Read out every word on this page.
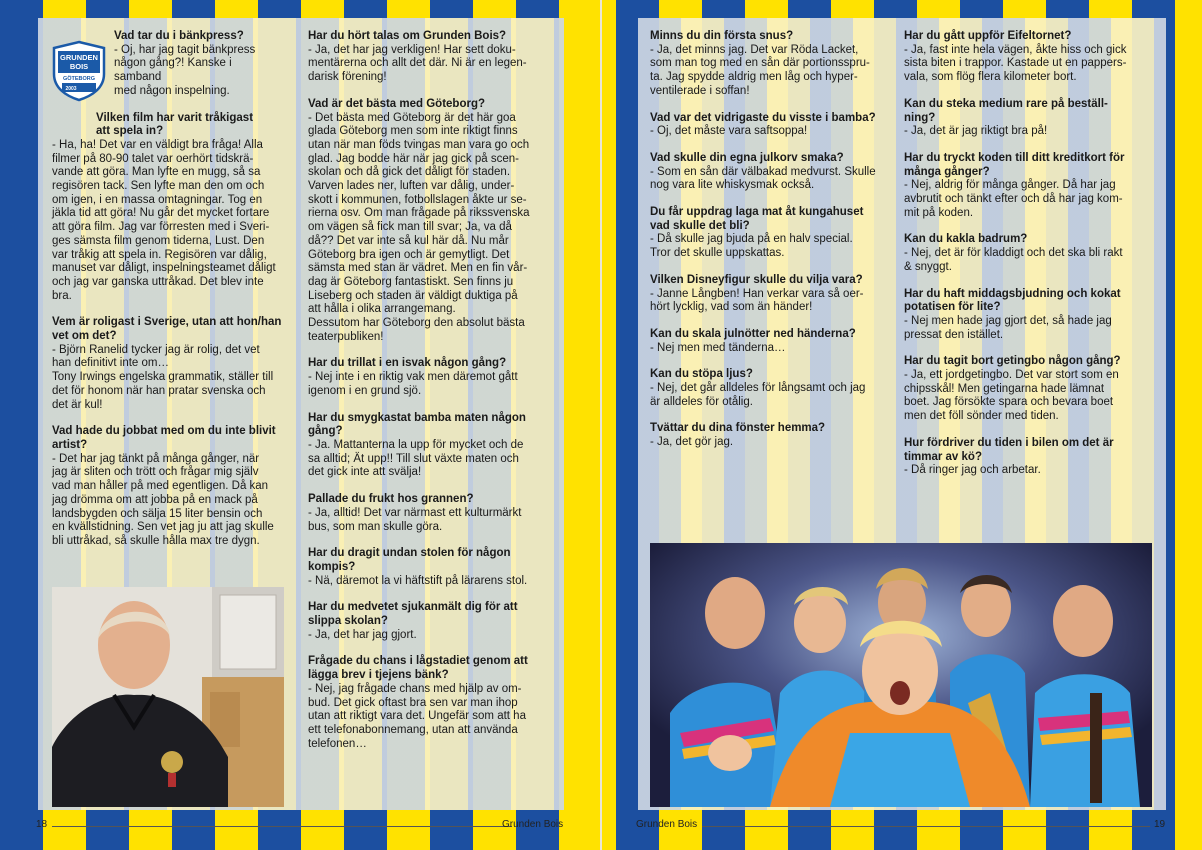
Vad tar du i bänkpress?

- Oj, har jag tagit bänkpress
någon gång?! Kanske i samband
med någon inspelning.

Vilken film har varit tråkigast
att spela in?

- Ha, ha! Det var en väldigt bra fråga! Alla
filmer på 80-90 talet var oerhört tidskrä-
vande att göra. Man lyfte en mugg, så sa
regisören tack. Sen lyfte man den om och
om igen, i en massa omtagningar. Tog en
jäkla tid att göra! Nu går det mycket fortare
att göra film. Jag var förresten med i Sveri-
ges sämsta film genom tiderna, Lust. Den
var tråkig att spela in. Regisören var dålig,
manuset var dåligt, inspelningsteamet dåligt
och jag var ganska uttråkad. Det blev inte
bra.

Vem är roligast i Sverige, utan att hon/han
vet om det?

- Björn Ranelid tycker jag är rolig, det vet
han definitivt inte om…
Tony Irwings engelska grammatik, ställer till
det för honom när han pratar svenska och
det är kul!

Vad hade du jobbat med om du inte blivit
artist?

- Det har jag tänkt på många gånger, när
jag är sliten och trött och frågar mig själv
vad man håller på med egentligen. Då kan
jag drömma om att jobba på en mack på
landsbygden och sälja 15 liter bensin och
en kvällstidning. Sen vet jag ju att jag skulle
bli uttråkad, så skulle hålla max tre dygn.

Har du hört talas om Grunden Bois?

- Ja, det har jag verkligen! Har sett doku-
mentärerna och allt det där. Ni är en legen-
darisk förening!

Vad är det bästa med Göteborg?

- Det bästa med Göteborg är det här goa
glada Göteborg men som inte riktigt finns
utan när man föds tvingas man vara go och
glad. Jag bodde här när jag gick på scen-
skolan och då gick det dåligt för staden.
Varven lades ner, luften var dålig, under-
skott i kommunen, fotbollslagen åkte ur se-
rierna osv. Om man frågade på rikssvenska
om vägen så fick man till svar; Ja, va då
då?? Det var inte så kul här då. Nu mår
Göteborg bra igen och är gemytligt. Det
sämsta med stan är vädret. Men en fin vår-
dag är Göteborg fantastiskt. Sen finns ju
Liseberg och staden är väldigt duktiga på
att hålla i olika arrangemang.
Dessutom har Göteborg den absolut bästa
teaterpubliken!

Har du trillat i en isvak någon gång?

- Nej inte i en riktig vak men däremot gått
igenom i en grund sjö.

Har du smygkastat bamba maten någon
gång?

- Ja. Mattanterna la upp för mycket och de
sa alltid; Ät upp!! Till slut växte maten och
det gick inte att svälja!

Pallade du frukt hos grannen?

- Ja, alltid! Det var närmast ett kulturmärkt
bus, som man skulle göra.

Har du dragit undan stolen för någon
kompis?

- Nä, däremot la vi häftstift på lärarens stol.

Har du medvetet sjukanmält dig för att
slippa skolan?

- Ja, det har jag gjort.

Frågade du chans i lågstadiet genom att
lägga brev i tjejens bänk?

- Nej, jag frågade chans med hjälp av om-
bud. Det gick oftast bra sen var man ihop
utan att riktigt vara det. Ungefär som att ha
ett telefonabonnemang, utan att använda
telefonen…

GRUNDEN
BOIS
GÖTEBORG
2003
18	Grunden Bois

Minns du din första snus?

- Ja, det minns jag. Det var Röda Lacket,
som man tog med en sån där portionsspru-
ta. Jag spydde aldrig men låg och hyper-
ventilerade i soffan!

Vad var det vidrigaste du visste i bamba?

- Oj, det måste vara saftsoppa!

Vad skulle din egna julkorv smaka?

- Som en sån där välbakad medvurst. Skulle
nog vara lite whiskysmak också.

Du får uppdrag laga mat åt kungahuset
vad skulle det bli?

- Då skulle jag bjuda på en halv special.
Tror det skulle uppskattas.

Vilken Disneyfigur skulle du vilja vara?

- Janne Långben! Han verkar vara så oer-
hört lycklig, vad som än händer!

Kan du skala julnötter ned händerna?

- Nej men med tänderna…

Kan du stöpa ljus?

- Nej, det går alldeles för långsamt och jag
är alldeles för otålig.

Tvättar du dina fönster hemma?

- Ja, det gör jag.

Har du gått uppför Eifeltornet?

- Ja, fast inte hela vägen, åkte hiss och gick
sista biten i trappor. Kastade ut en pappers-
vala, som flög flera kilometer bort.

Kan du steka medium rare på beställ-
ning?

- Ja, det är jag riktigt bra på!

Har du tryckt koden till ditt kreditkort för
många gånger?

- Nej, aldrig för många gånger. Då har jag
avbrutit och tänkt efter och då har jag kom-
mit på koden.

Kan du kakla badrum?

- Nej, det är för kladdigt och det ska bli rakt
& snyggt.

Har du haft middagsbjudning och kokat
potatisen för lite?

- Nej men hade jag gjort det, så hade jag
pressat den istället.

Har du tagit bort getingbo någon gång?

- Ja, ett jordgetingbo. Det var stort som en
chipsskål! Men getingarna hade lämnat
boet. Jag försökte spara och bevara boet
men det föll sönder med tiden.

Hur fördriver du tiden i bilen om det är
timmar av kö?

- Då ringer jag och arbetar.

Grunden Bois	19
